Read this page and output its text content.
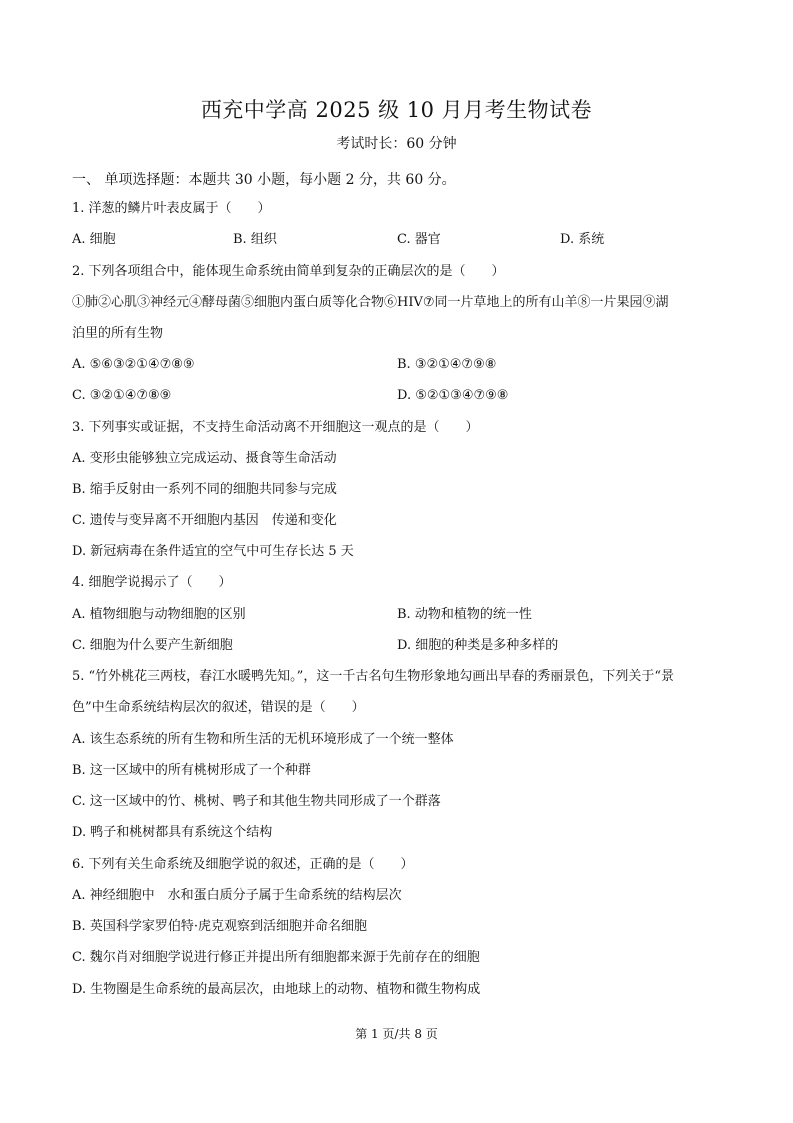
西充中学高 2025 级 10 月月考生物试卷
考试时长：60 分钟
一、 单项选择题：本题共 30 小题，每小题 2 分，共 60 分。
1. 洋葱的鳞片叶表皮属于（　　）
A. 细胞	B. 组织	C. 器官	D. 系统
2. 下列各项组合中，能体现生命系统由简单到复杂的正确层次的是（　　）
①肺②心肌③神经元④酵母菌⑤细胞内蛋白质等化合物⑥HIV⑦同一片草地上的所有山羊⑧一片果园⑨湖
泊里的所有生物
A. ⑤⑥③②①④⑦⑧⑨	B. ③②①④⑦⑨⑧
C. ③②①④⑦⑧⑨	D. ⑤②①③④⑦⑨⑧
3. 下列事实或证据，不支持生命活动离不开细胞这一观点的是（　　）
A. 变形虫能够独立完成运动、摄食等生命活动
B. 缩手反射由一系列不同的细胞共同参与完成
C. 遗传与变异离不开细胞内基因　传递和变化
D. 新冠病毒在条件适宜的空气中可生存长达 5 天
4. 细胞学说揭示了（　　）
A. 植物细胞与动物细胞的区别	B. 动物和植物的统一性
C. 细胞为什么要产生新细胞	D. 细胞的种类是多种多样的
5. “竹外桃花三两枝，春江水暖鸭先知。”，这一千古名句生物形象地勾画出早春的秀丽景色，下列关于“景
色”中生命系统结构层次的叙述，错误的是（　　）
A. 该生态系统的所有生物和所生活的无机环境形成了一个统一整体
B. 这一区域中的所有桃树形成了一个种群
C. 这一区域中的竹、桃树、鸭子和其他生物共同形成了一个群落
D. 鸭子和桃树都具有系统这个结构
6. 下列有关生命系统及细胞学说的叙述，正确的是（　　）
A. 神经细胞中　水和蛋白质分子属于生命系统的结构层次
B. 英国科学家罗伯特·虎克观察到活细胞并命名细胞
C. 魏尔肖对细胞学说进行修正并提出所有细胞都来源于先前存在的细胞
D. 生物圈是生命系统的最高层次，由地球上的动物、植物和微生物构成
第 1 页/共 8 页
